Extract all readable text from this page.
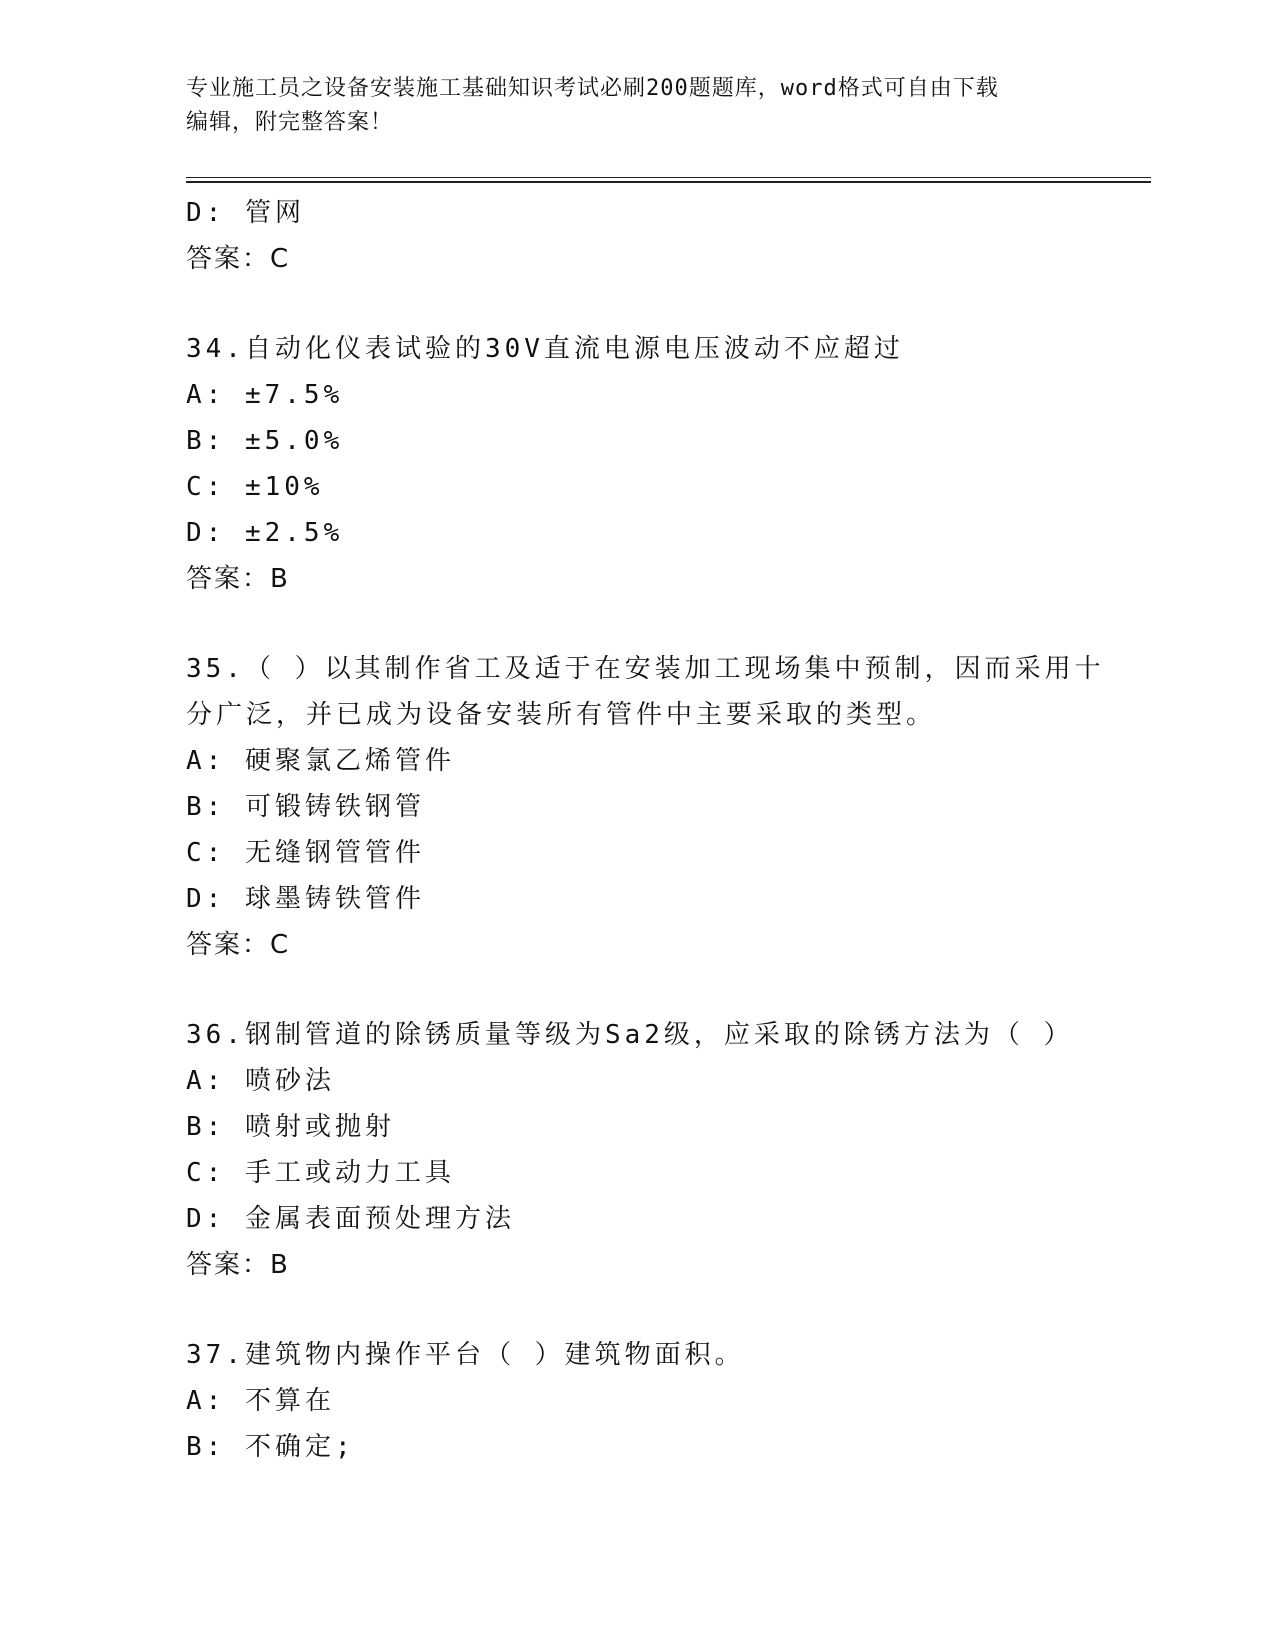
专业施工员之设备安装施工基础知识考试必刷200题题库，word格式可自由下载
编辑，附完整答案！
D: 管网
答案：C
34.自动化仪表试验的30V直流电源电压波动不应超过
A: ±7.5%
B: ±5.0%
C: ±10%
D: ±2.5%
答案：B
35.（ ）以其制作省工及适于在安装加工现场集中预制，因而采用十
分广泛，并已成为设备安装所有管件中主要采取的类型。
A: 硬聚氯乙烯管件
B: 可锻铸铁钢管
C: 无缝钢管管件
D: 球墨铸铁管件
答案：C
36.钢制管道的除锈质量等级为Sa2级，应采取的除锈方法为（ ）
A: 喷砂法
B: 喷射或抛射
C: 手工或动力工具
D: 金属表面预处理方法
答案：B
37.建筑物内操作平台（ ）建筑物面积。
A: 不算在
B: 不确定;
